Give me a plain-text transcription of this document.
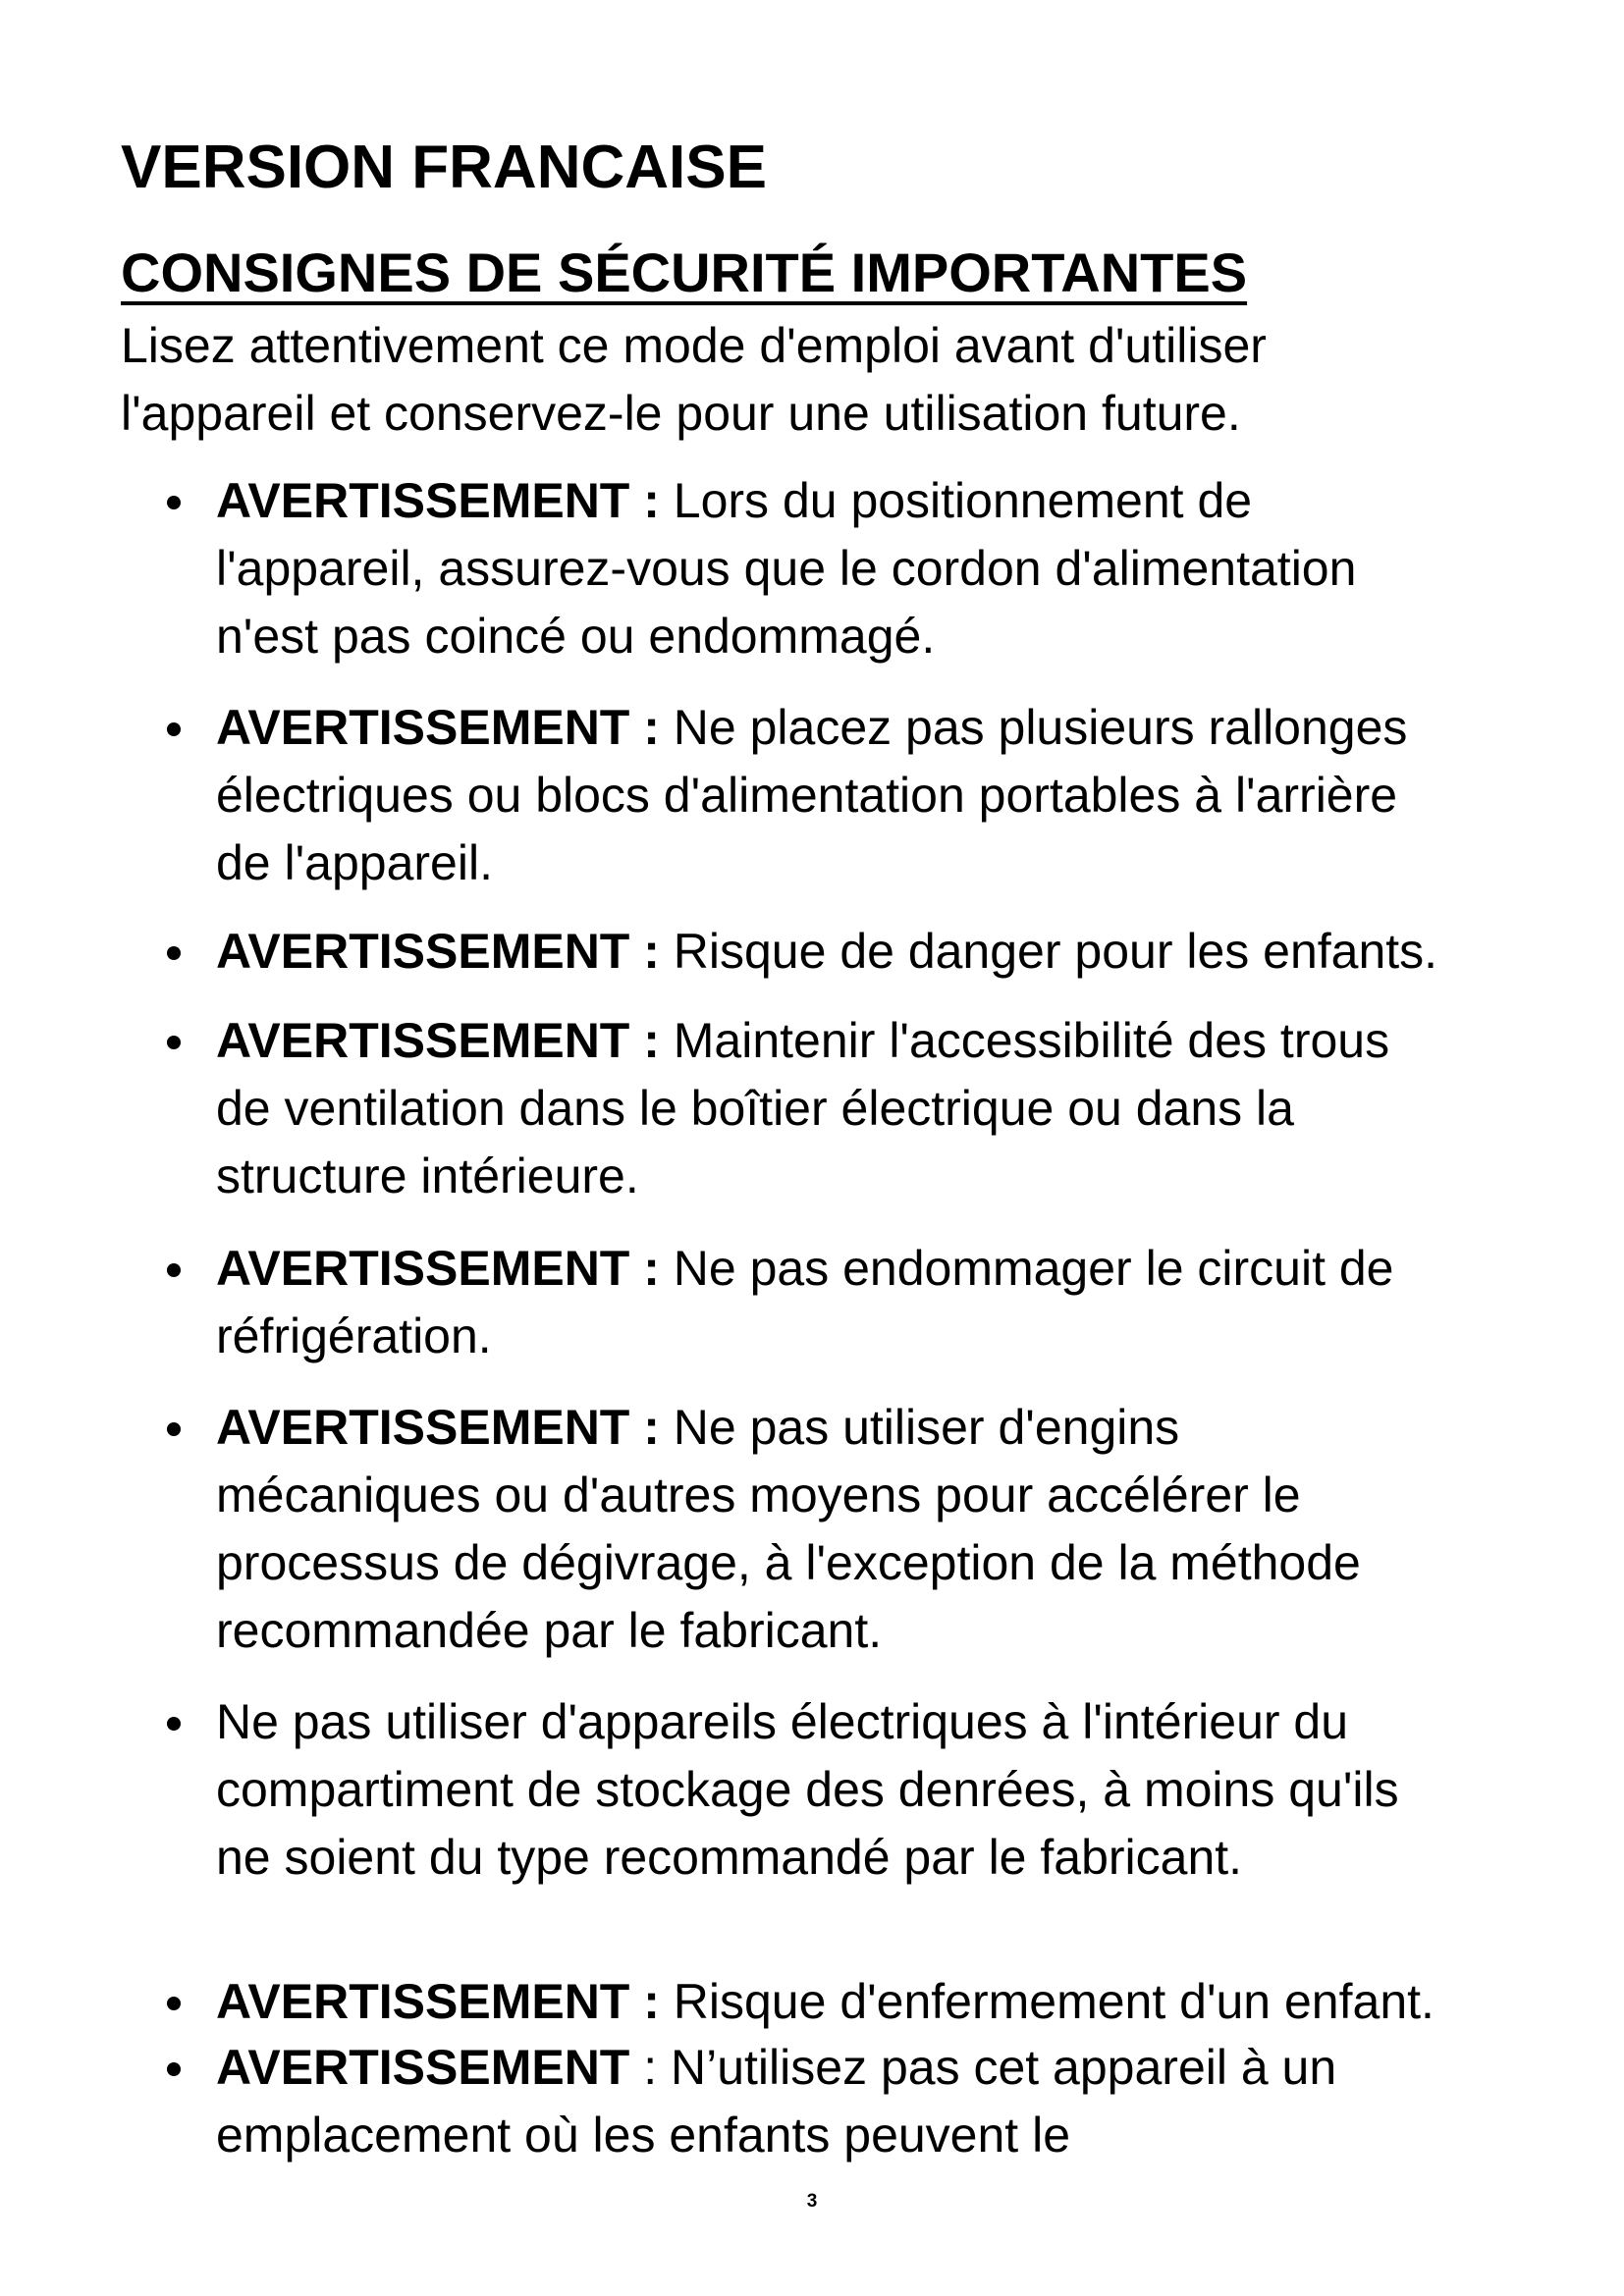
VERSION FRANCAISE
CONSIGNES DE SÉCURITÉ IMPORTANTES
Lisez attentivement ce mode d'emploi avant d'utiliser
l'appareil et conservez-le pour une utilisation future.
AVERTISSEMENT : Lors du positionnement de
l'appareil, assurez-vous que le cordon d'alimentation
n'est pas coincé ou endommagé.
AVERTISSEMENT : Ne placez pas plusieurs rallonges
électriques ou blocs d'alimentation portables à l'arrière
de l'appareil.
AVERTISSEMENT : Risque de danger pour les enfants.
AVERTISSEMENT : Maintenir l'accessibilité des trous
de ventilation dans le boîtier électrique ou dans la
structure intérieure.
AVERTISSEMENT : Ne pas endommager le circuit de
réfrigération.
AVERTISSEMENT : Ne pas utiliser d'engins
mécaniques ou d'autres moyens pour accélérer le
processus de dégivrage, à l'exception de la méthode
recommandée par le fabricant.
Ne pas utiliser d'appareils électriques à l'intérieur du
compartiment de stockage des denrées, à moins qu'ils
ne soient du type recommandé par le fabricant.
AVERTISSEMENT : Risque d'enfermement d'un enfant.
AVERTISSEMENT : N’utilisez pas cet appareil à un
emplacement où les enfants peuvent le
3
